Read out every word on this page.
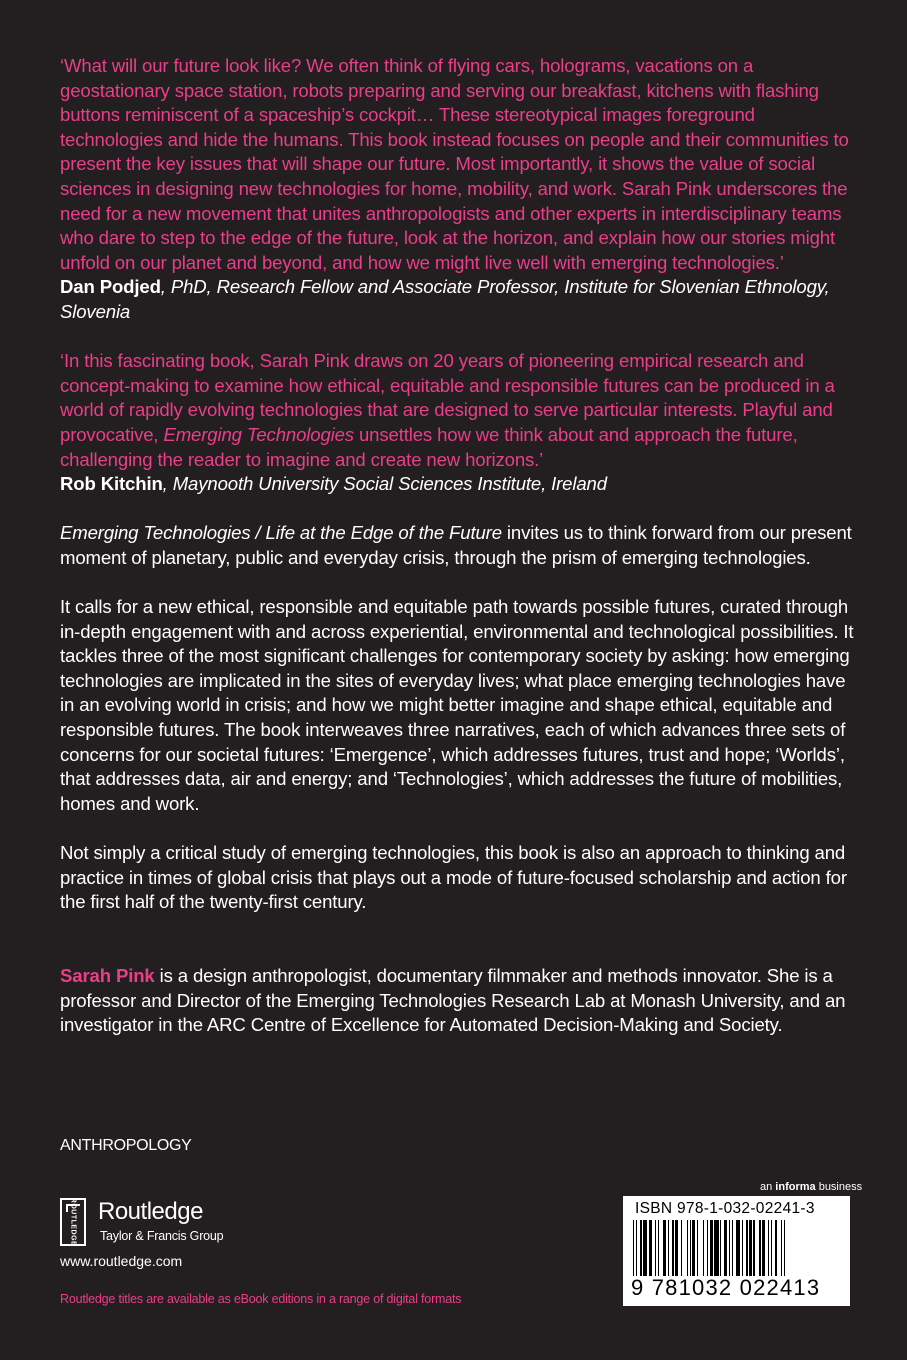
‘What will our future look like? We often think of flying cars, holograms, vacations on a geostationary space station, robots preparing and serving our breakfast, kitchens with flashing buttons reminiscent of a spaceship’s cockpit… These stereotypical images foreground technologies and hide the humans. This book instead focuses on people and their communities to present the key issues that will shape our future. Most importantly, it shows the value of social sciences in designing new technologies for home, mobility, and work. Sarah Pink underscores the need for a new movement that unites anthropologists and other experts in interdisciplinary teams who dare to step to the edge of the future, look at the horizon, and explain how our stories might unfold on our planet and beyond, and how we might live well with emerging technologies.’

Dan Podjed, PhD, Research Fellow and Associate Professor, Institute for Slovenian Ethnology, Slovenia

‘In this fascinating book, Sarah Pink draws on 20 years of pioneering empirical research and concept-making to examine how ethical, equitable and responsible futures can be produced in a world of rapidly evolving technologies that are designed to serve particular interests. Playful and provocative, Emerging Technologies unsettles how we think about and approach the future, challenging the reader to imagine and create new horizons.’

Rob Kitchin, Maynooth University Social Sciences Institute, Ireland

Emerging Technologies / Life at the Edge of the Future invites us to think forward from our present moment of planetary, public and everyday crisis, through the prism of emerging technologies.

It calls for a new ethical, responsible and equitable path towards possible futures, curated through in-depth engagement with and across experiential, environmental and technological possibilities. It tackles three of the most significant challenges for contemporary society by asking: how emerging technologies are implicated in the sites of everyday lives; what place emerging technologies have in an evolving world in crisis; and how we might better imagine and shape ethical, equitable and responsible futures. The book interweaves three narratives, each of which advances three sets of concerns for our societal futures: ‘Emergence’, which addresses futures, trust and hope; ‘Worlds’, that addresses data, air and energy; and ‘Technologies’, which addresses the future of mobilities, homes and work.

Not simply a critical study of emerging technologies, this book is also an approach to thinking and practice in times of global crisis that plays out a mode of future-focused scholarship and action for the first half of the twenty-first century.

Sarah Pink is a design anthropologist, documentary filmmaker and methods innovator. She is a professor and Director of the Emerging Technologies Research Lab at Monash University, and an investigator in the ARC Centre of Excellence for Automated Decision-Making and Society.

ANTHROPOLOGY
ROUTLEDGE Routledge
Taylor & Francis Group
www.routledge.com
Routledge titles are available as eBook editions in a range of digital formats
an informa business
ISBN 978-1-032-02241-3
9 781032 022413
